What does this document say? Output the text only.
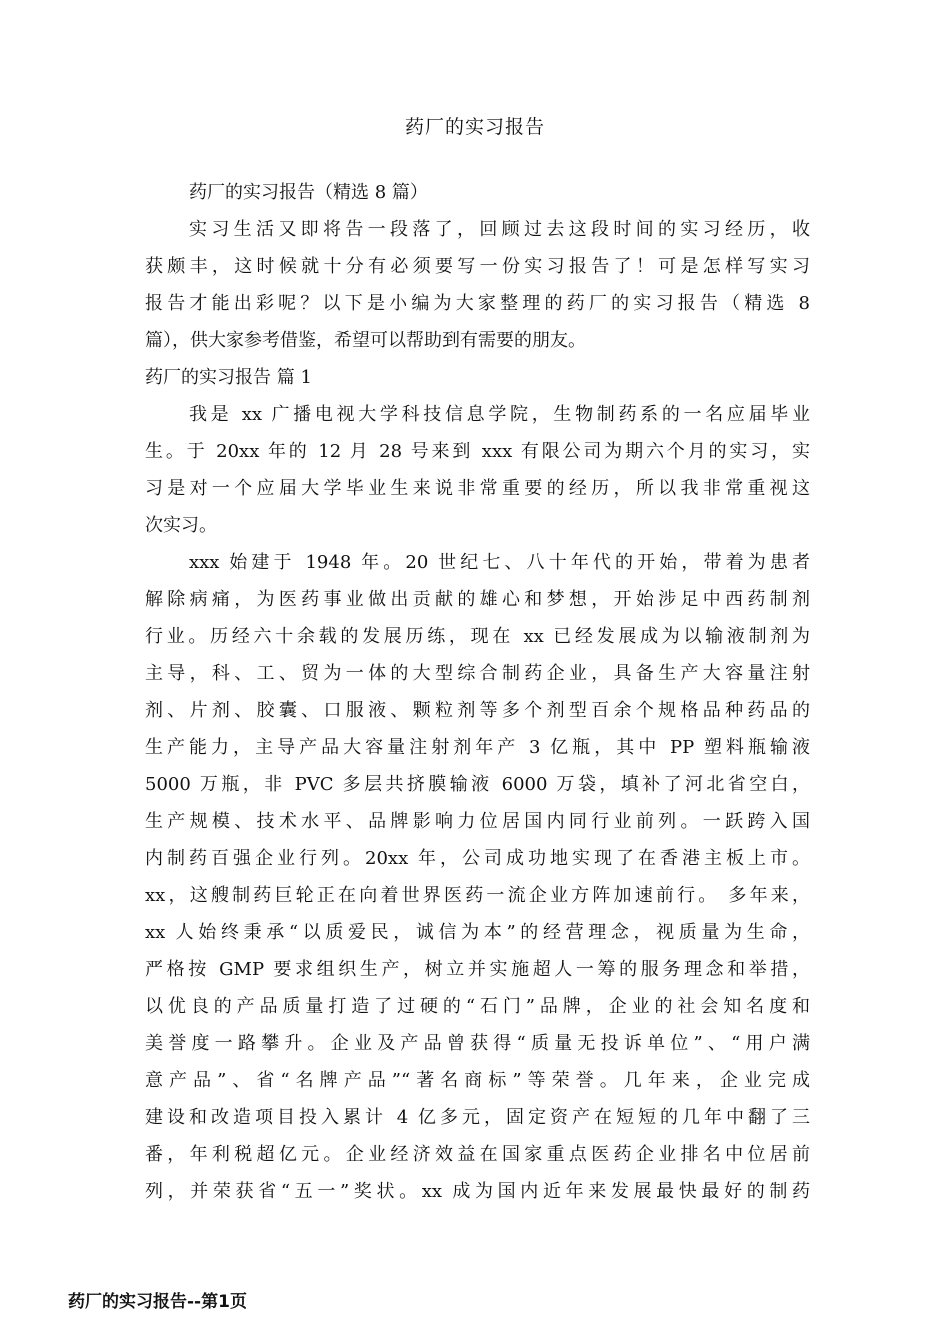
药厂的实习报告
药厂的实习报告（精选 8 篇）
实习生活又即将告一段落了，回顾过去这段时间的实习经历，收
获颇丰，这时候就十分有必须要写一份实习报告了！可是怎样写实习
报告才能出彩呢？以下是小编为大家整理的药厂的实习报告（精选 8
篇），供大家参考借鉴，希望可以帮助到有需要的朋友。
药厂的实习报告 篇 1
我是 xx 广播电视大学科技信息学院，生物制药系的一名应届毕业
生。于 20xx 年的 12 月 28 号来到 xxx 有限公司为期六个月的实习，实
习是对一个应届大学毕业生来说非常重要的经历，所以我非常重视这
次实习。
xxx 始建于 1948 年。20 世纪七、八十年代的开始，带着为患者
解除病痛，为医药事业做出贡献的雄心和梦想，开始涉足中西药制剂
行业。历经六十余载的发展历练，现在 xx 已经发展成为以输液制剂为
主导，科、工、贸为一体的大型综合制药企业，具备生产大容量注射
剂、片剂、胶囊、口服液、颗粒剂等多个剂型百余个规格品种药品的
生产能力，主导产品大容量注射剂年产 3 亿瓶，其中 PP 塑料瓶输液
5000 万瓶，非 PVC 多层共挤膜输液 6000 万袋，填补了河北省空白，
生产规模、技术水平、品牌影响力位居国内同行业前列。一跃跨入国
内制药百强企业行列。20xx 年，公司成功地实现了在香港主板上市。
xx，这艘制药巨轮正在向着世界医药一流企业方阵加速前行。 多年来，
xx 人始终秉承“以质爱民，诚信为本”的经营理念，视质量为生命，
严格按 GMP 要求组织生产，树立并实施超人一筹的服务理念和举措，
以优良的产品质量打造了过硬的“石门”品牌，企业的社会知名度和
美誉度一路攀升。企业及产品曾获得“质量无投诉单位”、“用户满
意产品”、省“名牌产品”“著名商标”等荣誉。几年来，企业完成
建设和改造项目投入累计 4 亿多元，固定资产在短短的几年中翻了三
番，年利税超亿元。企业经济效益在国家重点医药企业排名中位居前
列，并荣获省“五一”奖状。xx 成为国内近年来发展最快最好的制药
药厂的实习报告--第1页
